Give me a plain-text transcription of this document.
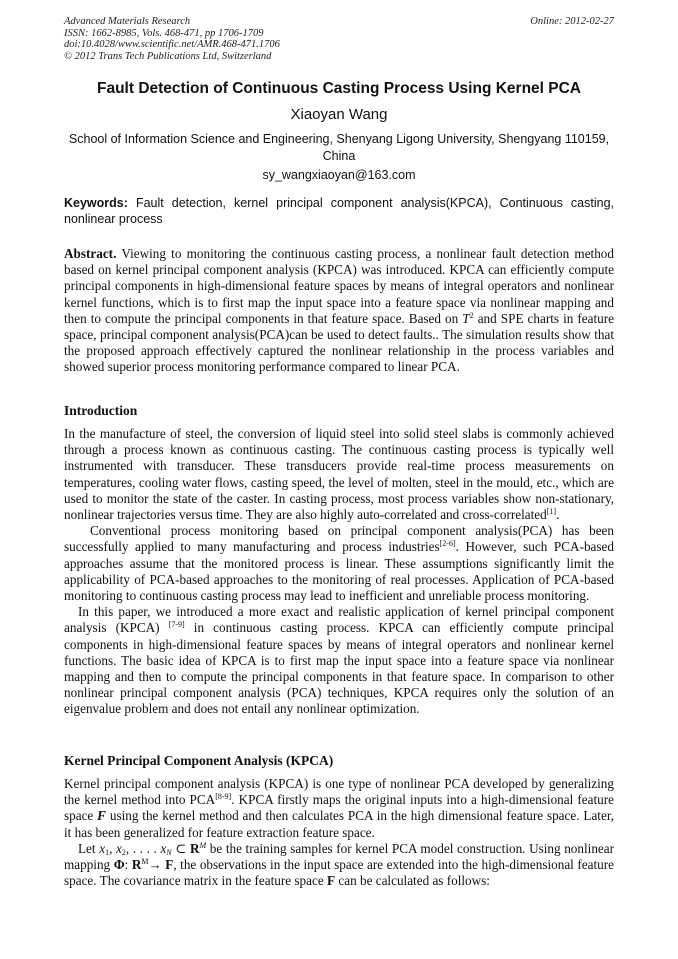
Advanced Materials Research
ISSN: 1662-8985, Vols. 468-471, pp 1706-1709
doi:10.4028/www.scientific.net/AMR.468-471.1706
© 2012 Trans Tech Publications Ltd, Switzerland
Online: 2012-02-27
Fault Detection of Continuous Casting Process Using Kernel PCA
Xiaoyan Wang
School of Information Science and Engineering, Shenyang Ligong University, Shengyang 110159, China
sy_wangxiaoyan@163.com
Keywords: Fault detection, kernel principal component analysis(KPCA), Continuous casting, nonlinear process
Abstract. Viewing to monitoring the continuous casting process, a nonlinear fault detection method based on kernel principal component analysis (KPCA) was introduced. KPCA can efficiently compute principal components in high-dimensional feature spaces by means of integral operators and nonlinear kernel functions, which is to first map the input space into a feature space via nonlinear mapping and then to compute the principal components in that feature space. Based on $T^2$ and SPE charts in feature space, principal component analysis(PCA)can be used to detect faults.. The simulation results show that the proposed approach effectively captured the nonlinear relationship in the process variables and showed superior process monitoring performance compared to linear PCA.
Introduction

In the manufacture of steel, the conversion of liquid steel into solid steel slabs is commonly achieved through a process known as continuous casting. The continuous casting process is typically well instrumented with transducer. These transducers provide real-time process measurements on temperatures, cooling water flows, casting speed, the level of molten, steel in the mould, etc., which are used to monitor the state of the caster. In casting process, most process variables show non-stationary, nonlinear trajectories versus time. They are also highly auto-correlated and cross-correlated[1].

Conventional process monitoring based on principal component analysis(PCA) has been successfully applied to many manufacturing and process industries[2-6]. However, such PCA-based approaches assume that the monitored process is linear. These assumptions significantly limit the applicability of PCA-based approaches to the monitoring of real processes. Application of PCA-based monitoring to continuous casting process may lead to inefficient and unreliable process monitoring.

In this paper, we introduced a more exact and realistic application of kernel principal component analysis (KPCA) [7-9] in continuous casting process. KPCA can efficiently compute principal components in high-dimensional feature spaces by means of integral operators and nonlinear kernel functions. The basic idea of KPCA is to first map the input space into a feature space via nonlinear mapping and then to compute the principal components in that feature space. In comparison to other nonlinear principal component analysis (PCA) techniques, KPCA requires only the solution of an eigenvalue problem and does not entail any nonlinear optimization.

Kernel Principal Component Analysis (KPCA)

Kernel principal component analysis (KPCA) is one type of nonlinear PCA developed by generalizing the kernel method into PCA[8-9]. KPCA firstly maps the original inputs into a high-dimensional feature space F using the kernel method and then calculates PCA in the high dimensional feature space. Later, it has been generalized for feature extraction feature space.

Let $x_1$, $x_2$, . . . . $x_N$ ⊂ $R^M$ be the training samples for kernel PCA model construction. Using nonlinear mapping Φ: $R^M\to F$, the observations in the input space are extended into the high-dimensional feature space. The covariance matrix in the feature space F can be calculated as follows:
